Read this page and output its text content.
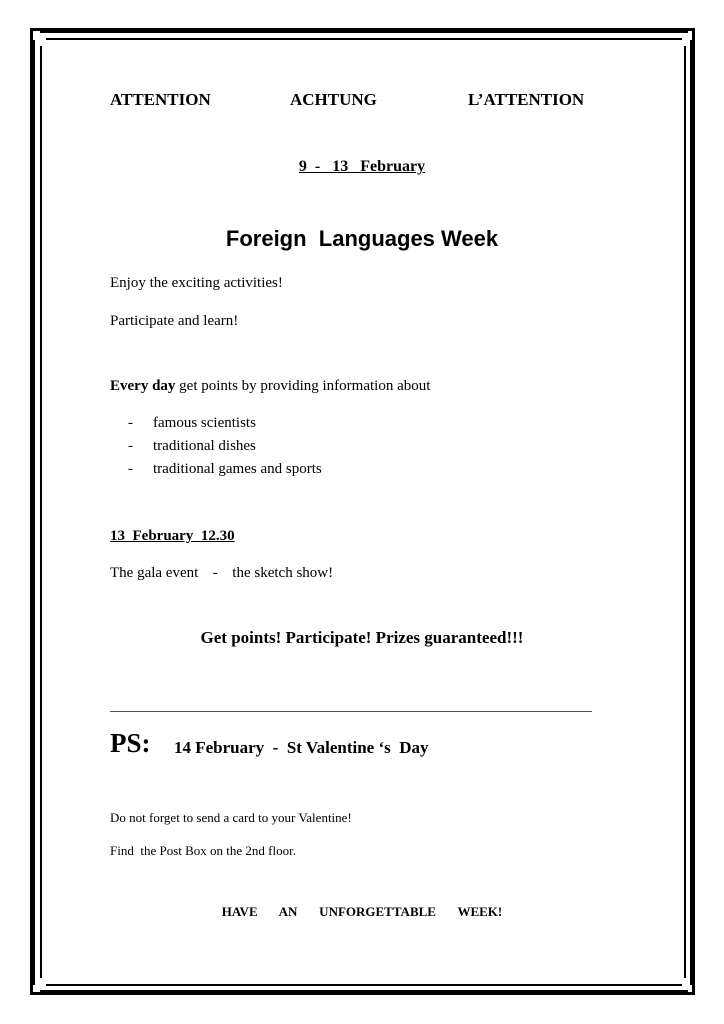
ATTENTION	ACHTUNG	L’ATTENTION
9  -   13   February
Foreign  Languages Week
Enjoy the exciting activities!
Participate and learn!
Every day get points by providing information about
-	famous scientists
-	traditional dishes
-	traditional games and sports
13  February  12.30
The gala event - the sketch show!
Get points! Participate! Prizes guaranteed!!!
PS: 14 February  -  St Valentine ‘s  Day
Do not forget to send a card to your Valentine!
Find  the Post Box on the 2nd floor.
HAVE   AN   UNFORGETTABLE   WEEK!
